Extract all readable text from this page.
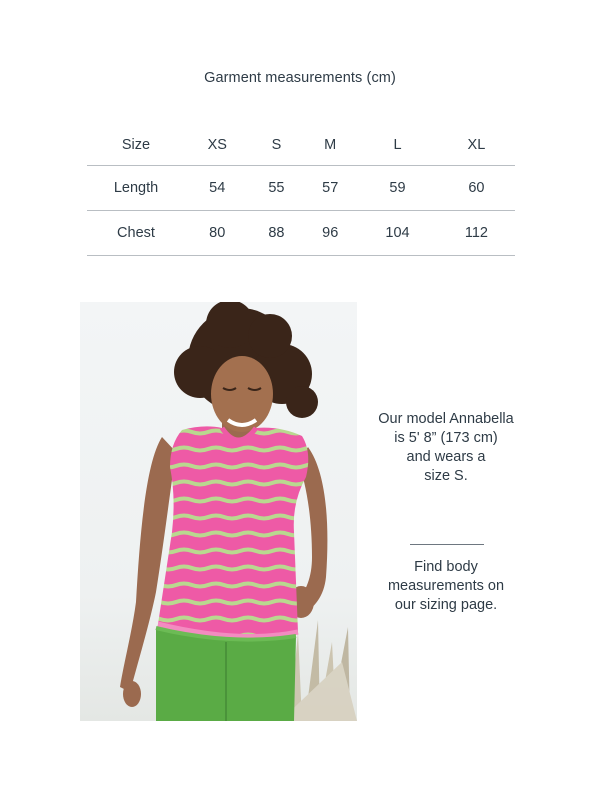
Garment measurements (cm)
Size	XS	S	M	L	XL
Length	54	55	57	59	60
Chest	80	88	96	104	112
Our model Annabella
is 5' 8” (173 cm)
and wears a
size S.
Find body
measurements on
our sizing page.
